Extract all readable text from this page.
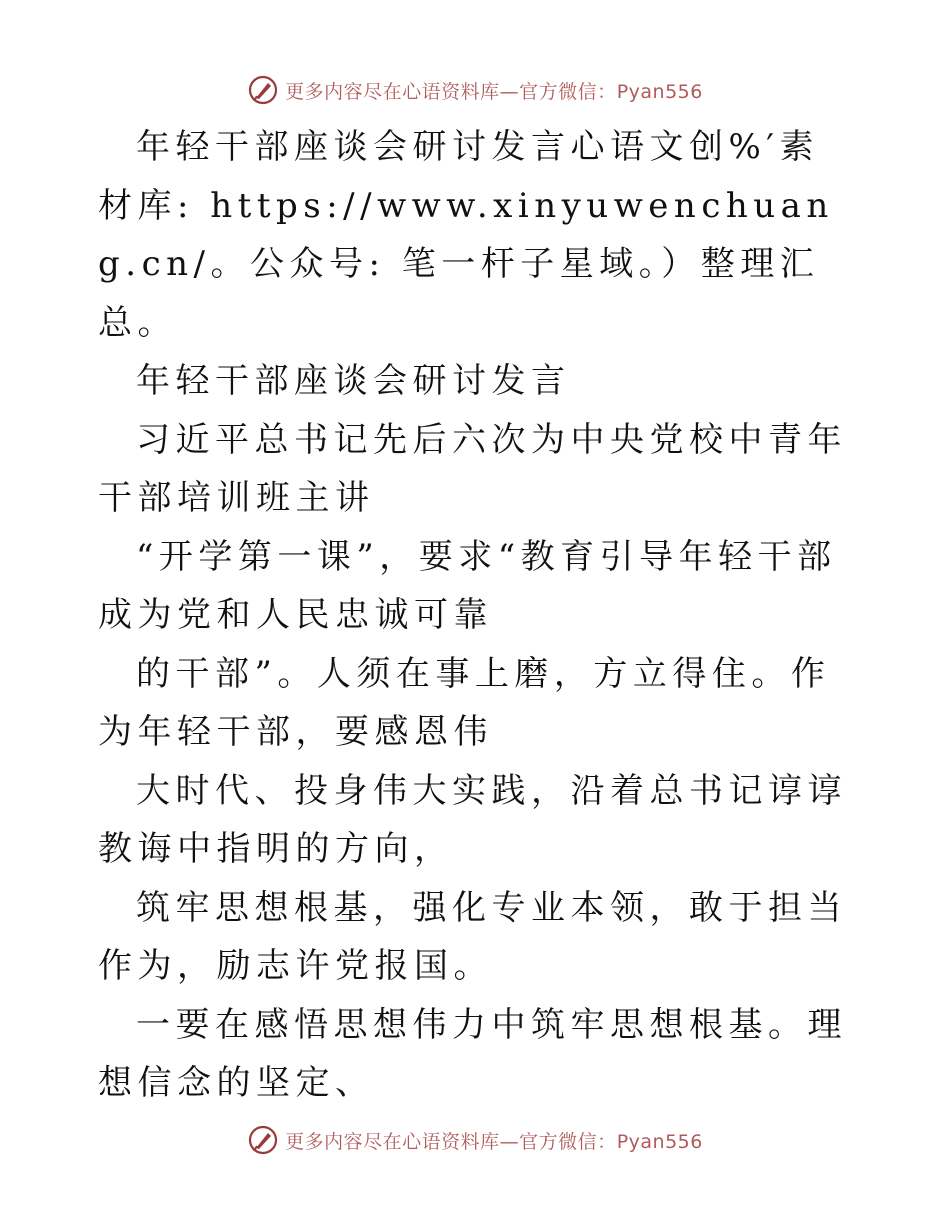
更多内容尽在心语资料库—官方微信：Pyan556

年轻干部座谈会研讨发言心语文创%′素材库: https://www.xinyuwenchuang.cn/。公众号: 笔一杆子星域。）整理汇总。

年轻干部座谈会研讨发言

习近平总书记先后六次为中央党校中青年干部培训班主讲

“开学第一课”，要求“教育引导年轻干部成为党和人民忠诚可靠

的干部”。人须在事上磨，方立得住。作为年轻干部，要感恩伟

大时代、投身伟大实践，沿着总书记谆谆教诲中指明的方向，

筑牢思想根基，强化专业本领，敢于担当作为，励志许党报国。

一要在感悟思想伟力中筑牢思想根基。理想信念的坚定、

更多内容尽在心语资料库—官方微信：Pyan556
